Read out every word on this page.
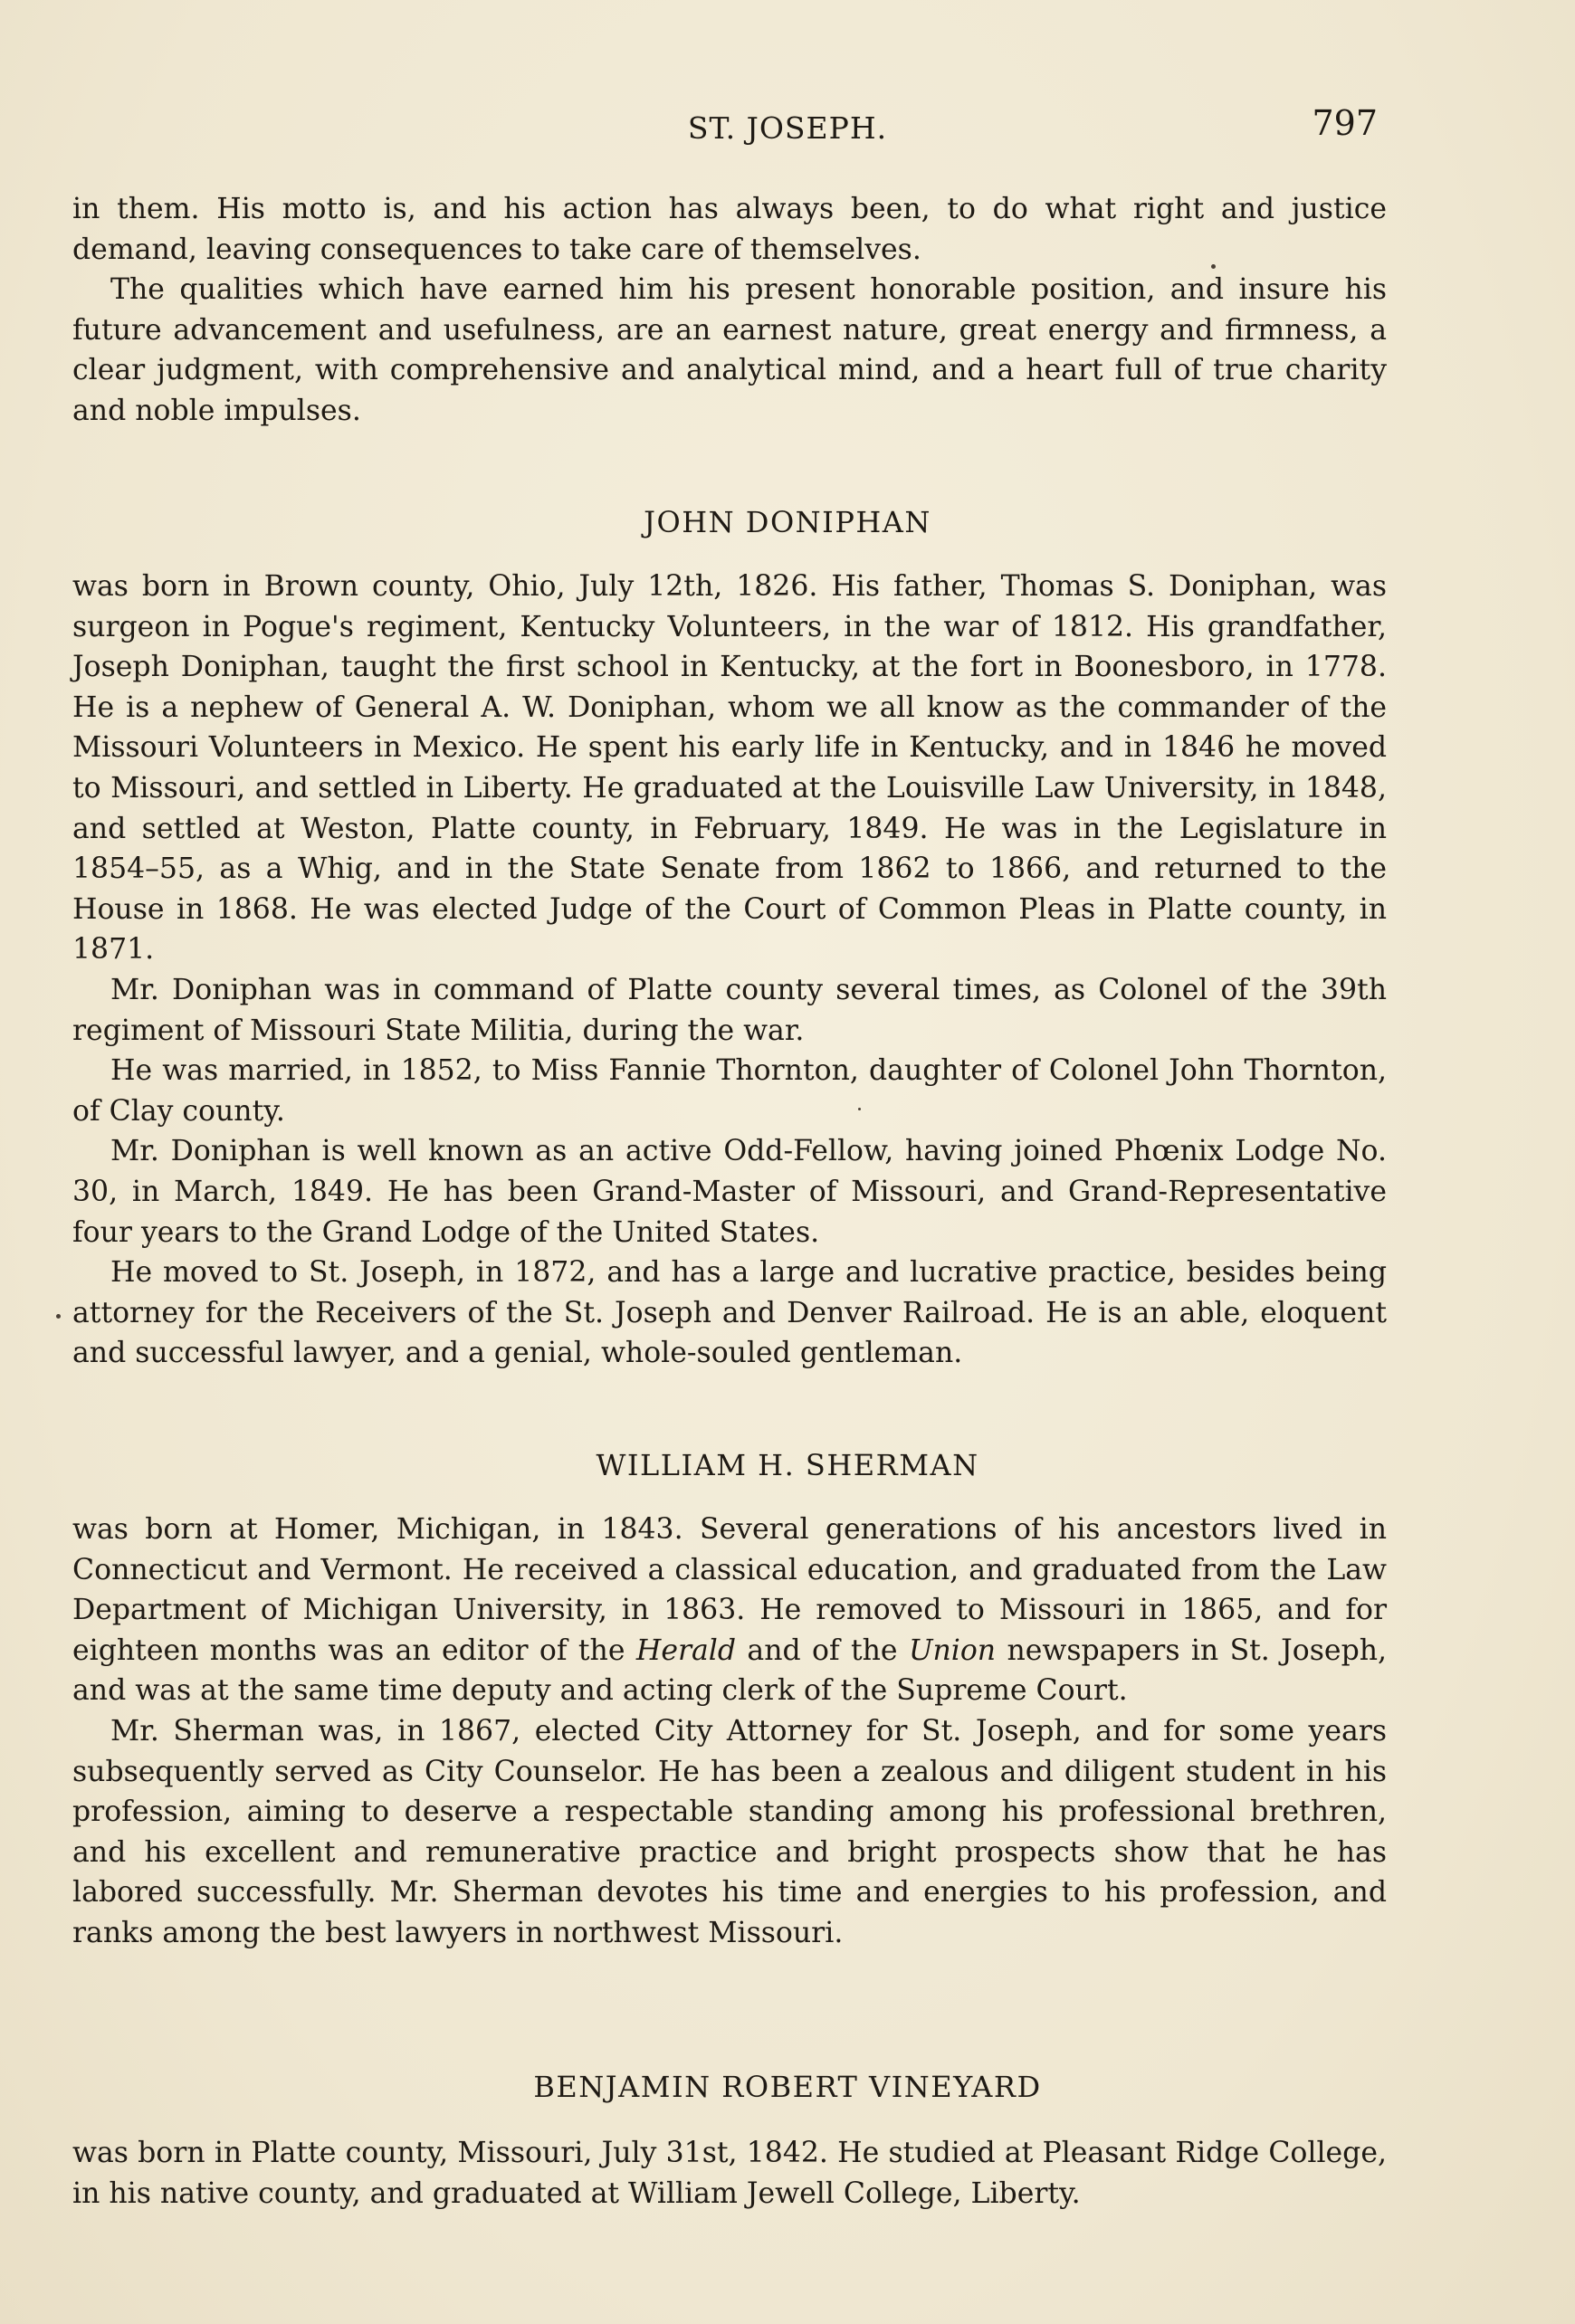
ST. JOSEPH.	797

in them. His motto is, and his action has always been, to do what right and justice demand, leaving consequences to take care of themselves.

The qualities which have earned him his present honorable position, and insure his future advancement and usefulness, are an earnest nature, great energy and firmness, a clear judgment, with comprehensive and analytical mind, and a heart full of true charity and noble impulses.

JOHN DONIPHAN

was born in Brown county, Ohio, July 12th, 1826. His father, Thomas S. Doniphan, was surgeon in Pogue's regiment, Kentucky Volunteers, in the war of 1812. His grandfather, Joseph Doniphan, taught the first school in Kentucky, at the fort in Boonesboro, in 1778. He is a nephew of General A. W. Doniphan, whom we all know as the commander of the Missouri Volunteers in Mexico. He spent his early life in Kentucky, and in 1846 he moved to Missouri, and settled in Liberty. He graduated at the Louisville Law University, in 1848, and settled at Weston, Platte county, in February, 1849. He was in the Legislature in 1854–55, as a Whig, and in the State Senate from 1862 to 1866, and returned to the House in 1868. He was elected Judge of the Court of Common Pleas in Platte county, in 1871.

Mr. Doniphan was in command of Platte county several times, as Colonel of the 39th regiment of Missouri State Militia, during the war.

He was married, in 1852, to Miss Fannie Thornton, daughter of Colonel John Thornton, of Clay county.

Mr. Doniphan is well known as an active Odd-Fellow, having joined Phœnix Lodge No. 30, in March, 1849. He has been Grand-Master of Missouri, and Grand-Representative four years to the Grand Lodge of the United States.

He moved to St. Joseph, in 1872, and has a large and lucrative practice, besides being attorney for the Receivers of the St. Joseph and Denver Railroad. He is an able, eloquent and successful lawyer, and a genial, whole-souled gentleman.

WILLIAM H. SHERMAN

was born at Homer, Michigan, in 1843. Several generations of his ancestors lived in Connecticut and Vermont. He received a classical education, and graduated from the Law Department of Michigan University, in 1863. He removed to Missouri in 1865, and for eighteen months was an editor of the Herald and of the Union newspapers in St. Joseph, and was at the same time deputy and acting clerk of the Supreme Court.

Mr. Sherman was, in 1867, elected City Attorney for St. Joseph, and for some years subsequently served as City Counselor. He has been a zealous and diligent student in his profession, aiming to deserve a respectable standing among his professional brethren, and his excellent and remunerative practice and bright prospects show that he has labored successfully. Mr. Sherman devotes his time and energies to his profession, and ranks among the best lawyers in northwest Missouri.

BENJAMIN ROBERT VINEYARD

was born in Platte county, Missouri, July 31st, 1842. He studied at Pleasant Ridge College, in his native county, and graduated at William Jewell College, Liberty.
